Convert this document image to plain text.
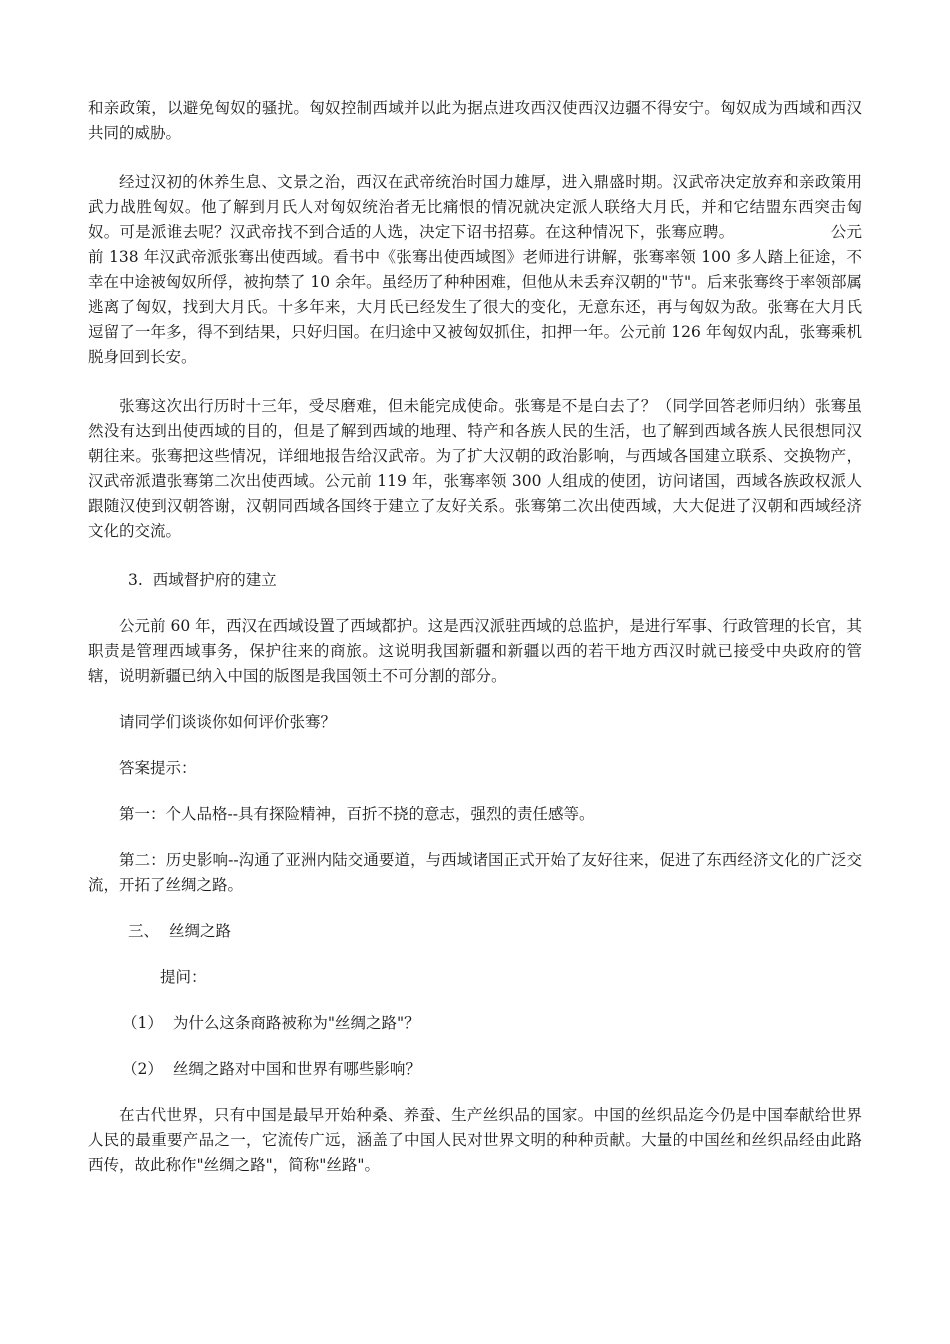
和亲政策，以避免匈奴的骚扰。匈奴控制西域并以此为据点进攻西汉使西汉边疆不得安宁。匈奴成为西域和西汉共同的威胁。

经过汉初的休养生息、文景之治，西汉在武帝统治时国力雄厚，进入鼎盛时期。汉武帝决定放弃和亲政策用武力战胜匈奴。他了解到月氏人对匈奴统治者无比痛恨的情况就决定派人联络大月氏，并和它结盟东西突击匈奴。可是派谁去呢？汉武帝找不到合适的人选，决定下诏书招募。在这种情况下，张骞应聘。	公元前 138 年汉武帝派张骞出使西域。看书中《张骞出使西域图》老师进行讲解，张骞率领 100 多人踏上征途，不幸在中途被匈奴所俘，被拘禁了 10 余年。虽经历了种种困难，但他从未丢弃汉朝的"节"。后来张骞终于率领部属逃离了匈奴，找到大月氏。十多年来，大月氏已经发生了很大的变化，无意东还，再与匈奴为敌。张骞在大月氏逗留了一年多，得不到结果，只好归国。在归途中又被匈奴抓住，扣押一年。公元前 126 年匈奴内乱，张骞乘机脱身回到长安。

张骞这次出行历时十三年，受尽磨难，但未能完成使命。张骞是不是白去了？（同学回答老师归纳）张骞虽然没有达到出使西域的目的，但是了解到西域的地理、特产和各族人民的生活，也了解到西域各族人民很想同汉朝往来。张骞把这些情况，详细地报告给汉武帝。为了扩大汉朝的政治影响，与西域各国建立联系、交换物产，汉武帝派遣张骞第二次出使西域。公元前 119 年，张骞率领 300 人组成的使团，访问诸国，西域各族政权派人跟随汉使到汉朝答谢，汉朝同西域各国终于建立了友好关系。张骞第二次出使西域，大大促进了汉朝和西域经济文化的交流。

3. 西域督护府的建立

公元前 60 年，西汉在西域设置了西域都护。这是西汉派驻西域的总监护，是进行军事、行政管理的长官，其职责是管理西域事务，保护往来的商旅。这说明我国新疆和新疆以西的若干地方西汉时就已接受中央政府的管辖，说明新疆已纳入中国的版图是我国领土不可分割的部分。

请同学们谈谈你如何评价张骞？

答案提示：

第一：个人品格--具有探险精神，百折不挠的意志，强烈的责任感等。

第二：历史影响--沟通了亚洲内陆交通要道，与西域诸国正式开始了友好往来，促进了东西经济文化的广泛交流，开拓了丝绸之路。

三、 丝绸之路

提问：

（1） 为什么这条商路被称为"丝绸之路"？

（2） 丝绸之路对中国和世界有哪些影响？

在古代世界，只有中国是最早开始种桑、养蚕、生产丝织品的国家。中国的丝织品迄今仍是中国奉献给世界人民的最重要产品之一，它流传广远，涵盖了中国人民对世界文明的种种贡献。大量的中国丝和丝织品经由此路西传，故此称作"丝绸之路"，简称"丝路"。
